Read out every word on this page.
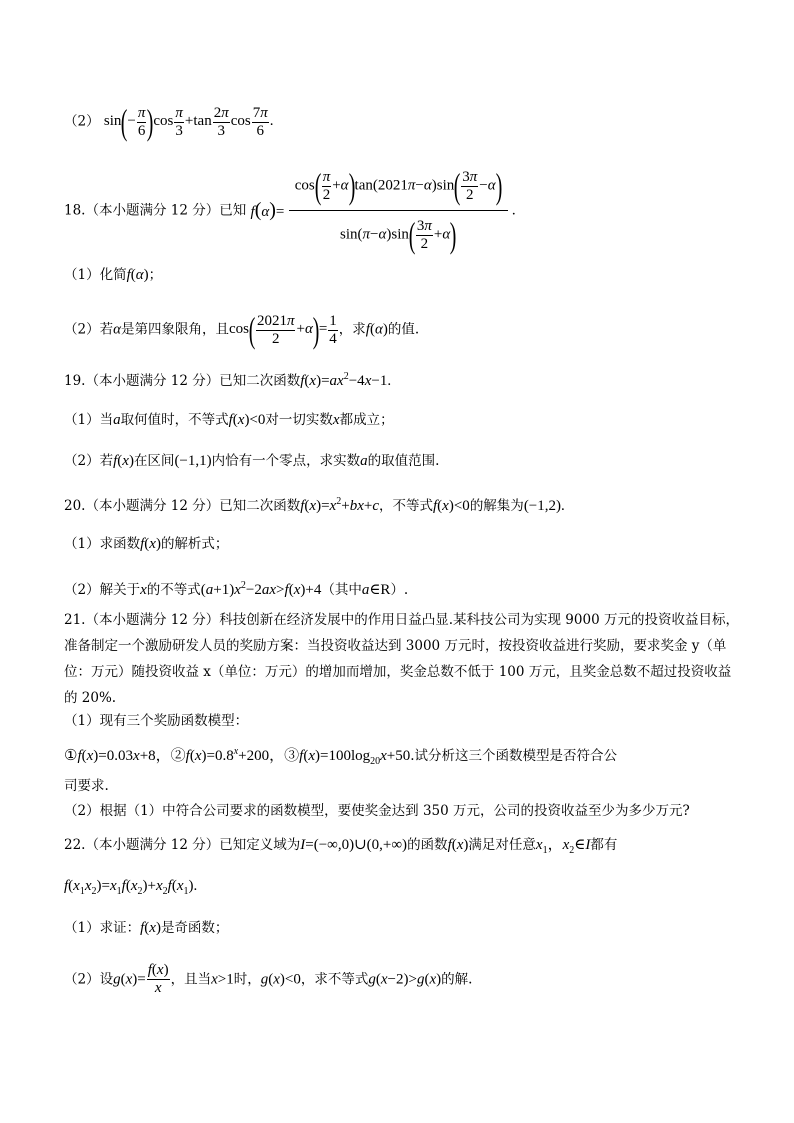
（2） $\sin(- \frac{\pi}{6} )\cos \frac{\pi}{3} +\tan \frac{2\pi}{3}$ $\cos \frac{7\pi}{6}$ .
18.（本小题满分 12 分）已知 $f(\alpha)= \frac{\cos( \frac{\pi}{2} +\alpha)\tan(2021\pi-\alpha)\sin( \frac{3\pi}{2} -\alpha)}{\sin(\pi-\alpha)\sin( \frac{3\pi}{2} +\alpha)}$ .
（1）化简f(α)；
（2）若α是第四象限角，且$\cos( \frac{2021\pi}{2} +\alpha)= \frac{1}{4}$ ，求f(α)的值.
19.（本小题满分 12 分）已知二次函数$f(x)=ax^2-4x-1$.
（1）当a取何值时，不等式f(x)<0对一切实数x都成立；
（2）若f(x)在区间(−1,1)内恰有一个零点，求实数a的取值范围.
20.（本小题满分 12 分）已知二次函数$f(x)=x^2+bx+c$，不等式f(x)<0的解集为(−1,2).
（1）求函数f(x)的解析式；
（2）解关于x的不等式$(a+1)x^2-2ax>f(x)+4$（其中a∈R）.
21.（本小题满分 12 分）科技创新在经济发展中的作用日益凸显.某科技公司为实现 9000 万元的投资收益目标，准备制定一个激励研发人员的奖励方案：当投资收益达到 3000 万元时，按投资收益进行奖励，要求奖金 y（单位：万元）随投资收益 x（单位：万元）的增加而增加，奖金总数不低于 100 万元，且奖金总数不超过投资收益的 20%.
（1）现有三个奖励函数模型：
①f(x)=0.03x+8，$②f(x)=0.8^x+200$，$③f(x)=100\log_{20}x+50$.试分析这三个函数模型是否符合公
司要求.
（2）根据（1）中符合公司要求的函数模型，要使奖金达到 350 万元，公司的投资收益至少为多少万元?
22.（本小题满分 12 分）已知定义域为I=(−∞,0)∪(0,+∞)的函数f(x)满足对任意$x_1$，$x_2\in I$都有
$f(x_1x_2)=x_1f(x_2)+x_2f(x_1)$.
（1）求证：f(x)是奇函数；
（2）设$g(x)= \frac{f(x)}{x}$ ，且当x>1时，g(x)<0，求不等式g(x−2)>g(x)的解.
